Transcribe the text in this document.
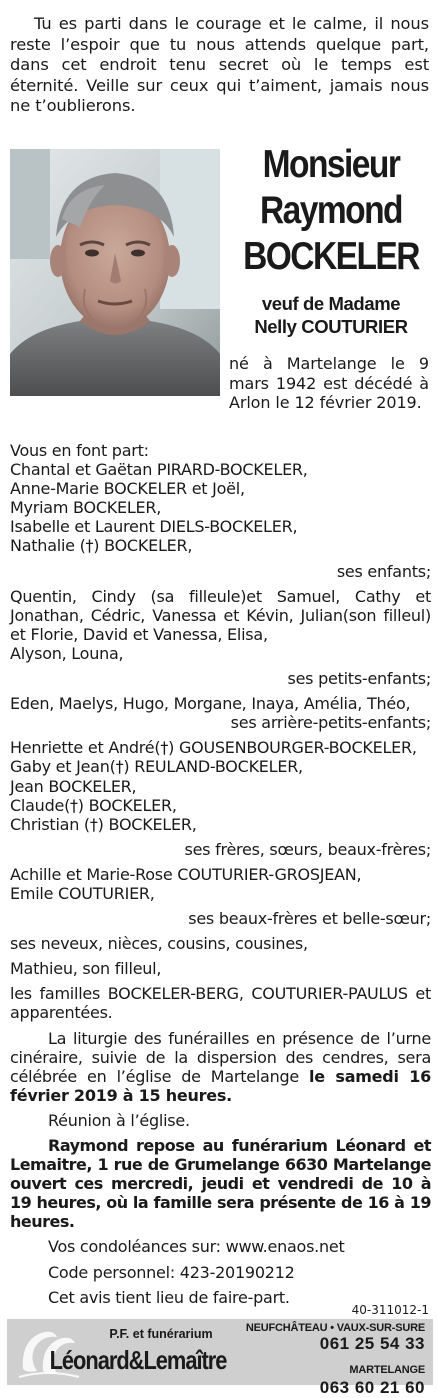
Tu es parti dans le courage et le calme, il nous reste l’espoir que tu nous attends quelque part, dans cet endroit tenu secret où le temps est éternité. Veille sur ceux qui t’aiment, jamais nous ne t’oublierons.

Monsieur
Raymond
BOCKELER
veuf de Madame
Nelly COUTURIER

né à Martelange le 9 mars 1942 est décédé à Arlon le 12 février 2019.

Vous en font part:

Chantal et Gaëtan PIRARD-BOCKELER,

Anne-Marie BOCKELER et Joël,

Myriam BOCKELER,

Isabelle et Laurent DIELS-BOCKELER,

Nathalie (†) BOCKELER,

ses enfants;

Quentin, Cindy (sa filleule)et Samuel, Cathy et Jonathan, Cédric, Vanessa et Kévin, Julian(son filleul) et Florie, David et Vanessa, Elisa,

Alyson, Louna,

ses petits-enfants;

Eden, Maelys, Hugo, Morgane, Inaya, Amélia, Théo,

ses arrière-petits-enfants;

Henriette et André(†) GOUSENBOURGER-BOCKELER,

Gaby et Jean(†) REULAND-BOCKELER,

Jean BOCKELER,

Claude(†) BOCKELER,

Christian (†) BOCKELER,

ses frères, sœurs, beaux-frères;

Achille et Marie-Rose COUTURIER-GROSJEAN,

Emile COUTURIER,

ses beaux-frères et belle-sœur;

ses neveux, nièces, cousins, cousines,

Mathieu, son filleul,

les familles BOCKELER-BERG, COUTURIER-PAULUS et apparentées.

La liturgie des funérailles en présence de l’urne cinéraire, suivie de la dispersion des cendres, sera célébrée en l’église de Martelange le samedi 16 février 2019 à 15 heures.

Réunion à l’église.

Raymond repose au funérarium Léonard et Lemaitre, 1 rue de Grumelange 6630 Martelange ouvert ces mercredi, jeudi et vendredi de 10 à 19 heures, où la famille sera présente de 16 à 19 heures.

Vos condoléances sur: www.enaos.net

Code personnel: 423-20190212

Cet avis tient lieu de faire-part.

40-311012-1
P.F. et funérarium
Léonard&Lemaître
NEUFCHÂTEAU • VAUX-SUR-SURE
061 25 54 33
MARTELANGE 063 60 21 60
